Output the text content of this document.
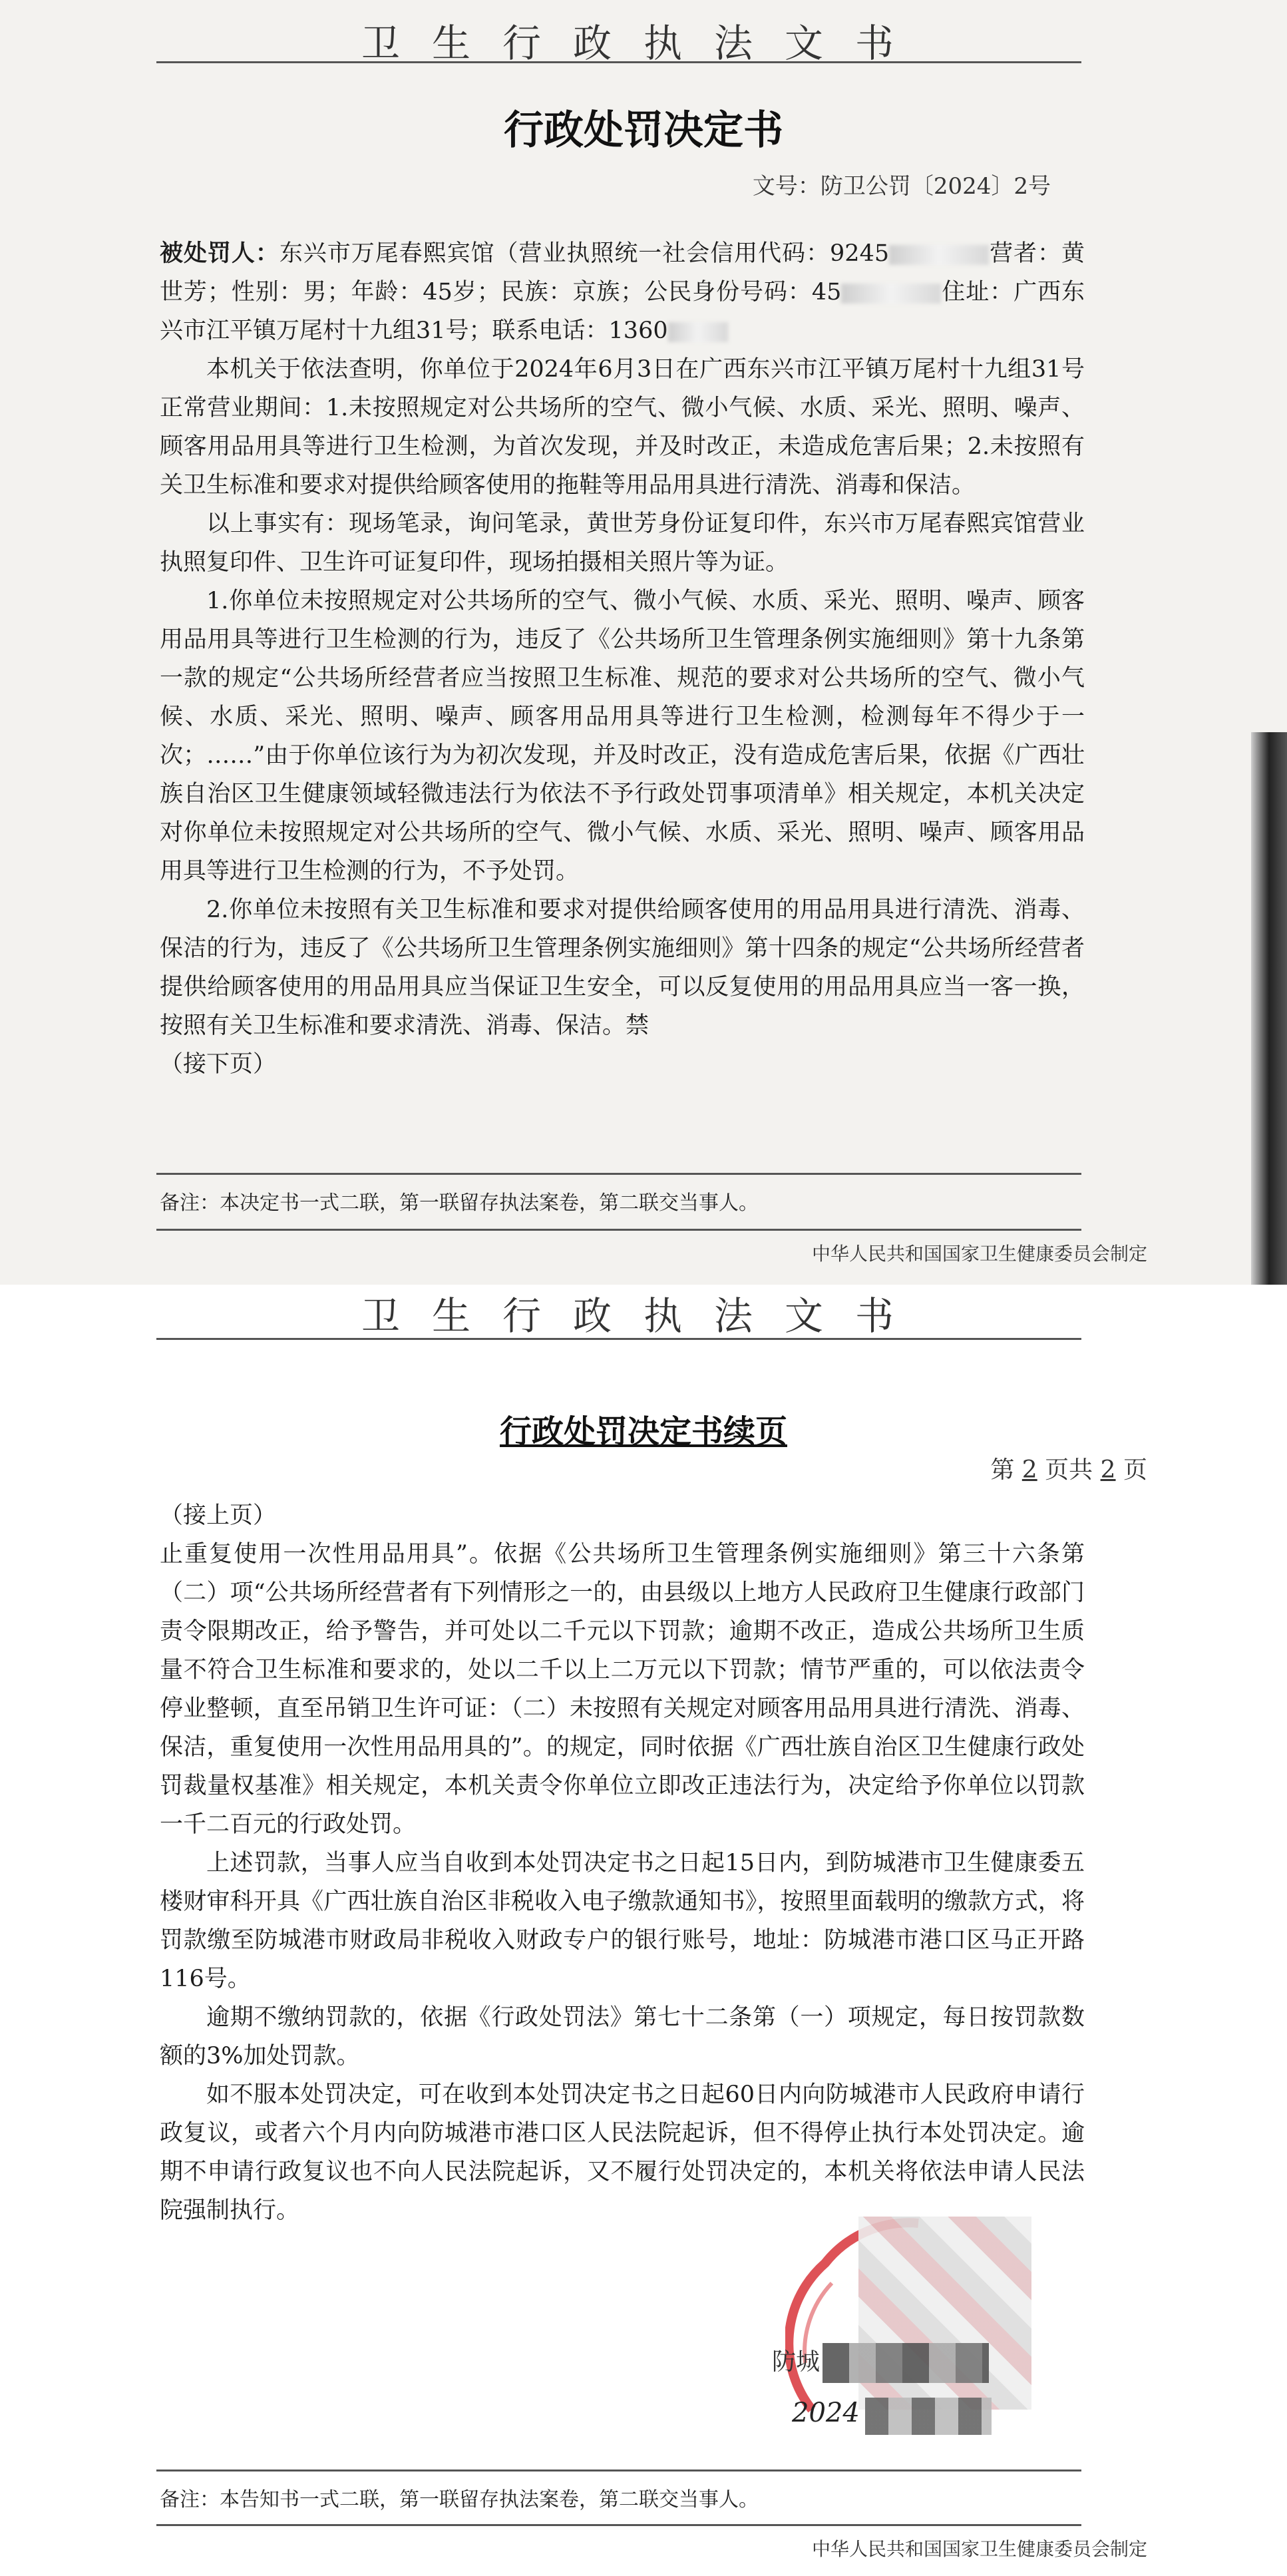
卫生行政执法文书
行政处罚决定书
文号：防卫公罚〔2024〕2号

被处罚人：东兴市万尾春熙宾馆（营业执照统一社会信用代码：9245	营者：黄世芳；性别：男；年龄：45岁；民族：京族；公民身份号码：45	住址：广西东兴市江平镇万尾村十九组31号；联系电话：1360

本机关于依法查明，你单位于2024年6月3日在广西东兴市江平镇万尾村十九组31号正常营业期间：1.未按照规定对公共场所的空气、微小气候、水质、采光、照明、噪声、顾客用品用具等进行卫生检测，为首次发现，并及时改正，未造成危害后果；2.未按照有关卫生标准和要求对提供给顾客使用的拖鞋等用品用具进行清洗、消毒和保洁。

以上事实有：现场笔录，询问笔录，黄世芳身份证复印件，东兴市万尾春熙宾馆营业执照复印件、卫生许可证复印件，现场拍摄相关照片等为证。

1.你单位未按照规定对公共场所的空气、微小气候、水质、采光、照明、噪声、顾客用品用具等进行卫生检测的行为，违反了《公共场所卫生管理条例实施细则》第十九条第一款的规定“公共场所经营者应当按照卫生标准、规范的要求对公共场所的空气、微小气候、水质、采光、照明、噪声、顾客用品用具等进行卫生检测，检测每年不得少于一次；……”由于你单位该行为为初次发现，并及时改正，没有造成危害后果，依据《广西壮族自治区卫生健康领域轻微违法行为依法不予行政处罚事项清单》相关规定，本机关决定对你单位未按照规定对公共场所的空气、微小气候、水质、采光、照明、噪声、顾客用品用具等进行卫生检测的行为，不予处罚。

2.你单位未按照有关卫生标准和要求对提供给顾客使用的用品用具进行清洗、消毒、保洁的行为，违反了《公共场所卫生管理条例实施细则》第十四条的规定“公共场所经营者提供给顾客使用的用品用具应当保证卫生安全，可以反复使用的用品用具应当一客一换，按照有关卫生标准和要求清洗、消毒、保洁。禁

（接下页）

备注：本决定书一式二联，第一联留存执法案卷，第二联交当事人。
中华人民共和国国家卫生健康委员会制定
卫生行政执法文书
行政处罚决定书续页
第 2 页共 2 页

（接上页）

止重复使用一次性用品用具”。依据《公共场所卫生管理条例实施细则》第三十六条第（二）项“公共场所经营者有下列情形之一的，由县级以上地方人民政府卫生健康行政部门责令限期改正，给予警告，并可处以二千元以下罚款；逾期不改正，造成公共场所卫生质量不符合卫生标准和要求的，处以二千以上二万元以下罚款；情节严重的，可以依法责令停业整顿，直至吊销卫生许可证：（二）未按照有关规定对顾客用品用具进行清洗、消毒、保洁，重复使用一次性用品用具的”。的规定，同时依据《广西壮族自治区卫生健康行政处罚裁量权基准》相关规定，本机关责令你单位立即改正违法行为，决定给予你单位以罚款一千二百元的行政处罚。

上述罚款，当事人应当自收到本处罚决定书之日起15日内，到防城港市卫生健康委五楼财审科开具《广西壮族自治区非税收入电子缴款通知书》，按照里面载明的缴款方式，将罚款缴至防城港市财政局非税收入财政专户的银行账号，地址：防城港市港口区马正开路116号。

逾期不缴纳罚款的，依据《行政处罚法》第七十二条第（一）项规定，每日按罚款数额的3%加处罚款。

如不服本处罚决定，可在收到本处罚决定书之日起60日内向防城港市人民政府申请行政复议，或者六个月内向防城港市港口区人民法院起诉，但不得停止执行本处罚决定。逾期不申请行政复议也不向人民法院起诉，又不履行处罚决定的，本机关将依法申请人民法院强制执行。

防城
2024
备注：本告知书一式二联，第一联留存执法案卷，第二联交当事人。
中华人民共和国国家卫生健康委员会制定
